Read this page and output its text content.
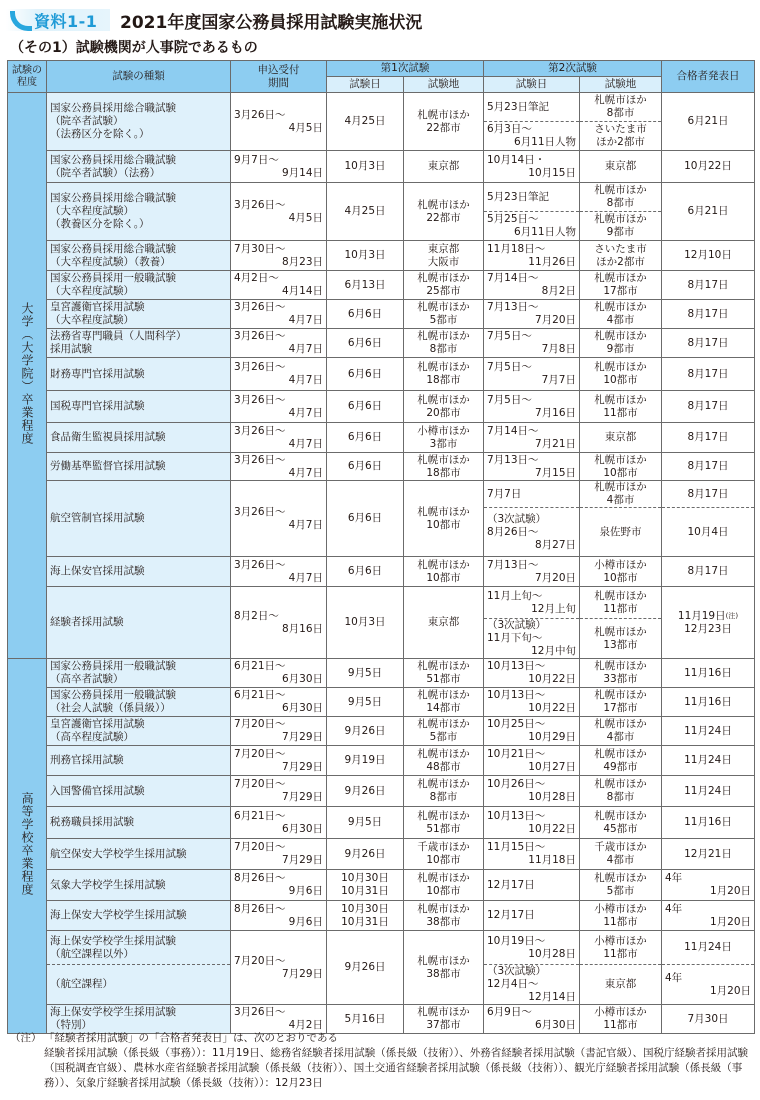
資料1-1 2021年度国家公務員採用試験実施状況
（その1）試験機関が人事院であるもの
試験の
程度	試験の種類	申込受付
期間	第1次試験		第2次試験		合格者発表日
			試験日	試験地	試験日	試験地	
大学（大学院）卒業程度	国家公務員採用総合職試験
（院卒者試験）
（法務区分を除く。）	3月26日～
4月5日	4月25日	札幌市ほか
22都市	5月23日筆記	札幌市ほか
8都市	6月21日

					6月3日～
6月11日人物	さいたま市
ほか2都市	

	国家公務員採用総合職試験
（院卒者試験）（法務）	9月7日～
9月14日	10月3日	東京都	10月14日・
10月15日	東京都	10月22日

	国家公務員採用総合職試験
（大卒程度試験）
（教養区分を除く。）	3月26日～
4月5日	4月25日	札幌市ほか
22都市	5月23日筆記	札幌市ほか
8都市	6月21日

					5月25日～
6月11日人物	札幌市ほか
9都市	

	国家公務員採用総合職試験
（大卒程度試験）（教養）	7月30日～
8月23日	10月3日	東京都
大阪市	11月18日～
11月26日	さいたま市
ほか2都市	12月10日

	国家公務員採用一般職試験
（大卒程度試験）	4月2日～
4月14日	6月13日	札幌市ほか
25都市	7月14日～
8月2日	札幌市ほか
17都市	8月17日

	皇宮護衛官採用試験
（大卒程度試験）	3月26日～
4月7日	6月6日	札幌市ほか
5都市	7月13日～
7月20日	札幌市ほか
4都市	8月17日

	法務省専門職員（人間科学）
採用試験	3月26日～
4月7日	6月6日	札幌市ほか
8都市	7月5日～
7月8日	札幌市ほか
9都市	8月17日

	財務専門官採用試験	3月26日～
4月7日	6月6日	札幌市ほか
18都市	7月5日～
7月7日	札幌市ほか
10都市	8月17日

	国税専門官採用試験	3月26日～
4月7日	6月6日	札幌市ほか
20都市	7月5日～
7月16日	札幌市ほか
11都市	8月17日

	食品衛生監視員採用試験	3月26日～
4月7日	6月6日	小樽市ほか
3都市	7月14日～
7月21日	東京都	8月17日

	労働基準監督官採用試験	3月26日～
4月7日	6月6日	札幌市ほか
18都市	7月13日～
7月15日	札幌市ほか
10都市	8月17日

	航空管制官採用試験	3月26日～
4月7日	6月6日	札幌市ほか
10都市	7月7日	札幌市ほか
4都市	8月17日

					（3次試験）
8月26日～
8月27日	泉佐野市	10月4日

	海上保安官採用試験	3月26日～
4月7日	6月6日	札幌市ほか
10都市	7月13日～
7月20日	小樽市ほか
10都市	8月17日

	経験者採用試験	8月2日～
8月16日	10月3日	東京都	11月上旬～
12月上旬	札幌市ほか
11都市	11月19日$^{(注)}$
12月23日

					（3次試験）
11月下旬～
12月中旬	札幌市ほか
13都市	

高等学校卒業程度	国家公務員採用一般職試験
（高卒者試験）	6月21日～
6月30日	9月5日	札幌市ほか
51都市	10月13日～
10月22日	札幌市ほか
33都市	11月16日

	国家公務員採用一般職試験
（社会人試験（係員級））	6月21日～
6月30日	9月5日	札幌市ほか
14都市	10月13日～
10月22日	札幌市ほか
17都市	11月16日

	皇宮護衛官採用試験
（高卒程度試験）	7月20日～
7月29日	9月26日	札幌市ほか
5都市	10月25日～
10月29日	札幌市ほか
4都市	11月24日

	刑務官採用試験	7月20日～
7月29日	9月19日	札幌市ほか
48都市	10月21日～
10月27日	札幌市ほか
49都市	11月24日

	入国警備官採用試験	7月20日～
7月29日	9月26日	札幌市ほか
8都市	10月26日～
10月28日	札幌市ほか
8都市	11月24日

	税務職員採用試験	6月21日～
6月30日	9月5日	札幌市ほか
51都市	10月13日～
10月22日	札幌市ほか
45都市	11月16日

	航空保安大学校学生採用試験	7月20日～
7月29日	9月26日	千歳市ほか
10都市	11月15日～
11月18日	千歳市ほか
4都市	12月21日

	気象大学校学生採用試験	8月26日～
9月6日	10月30日
10月31日	札幌市ほか
10都市	12月17日	札幌市ほか
5都市	4年
1月20日

	海上保安大学校学生採用試験	8月26日～
9月6日	10月30日
10月31日	札幌市ほか
38都市	12月17日	小樽市ほか
11都市	4年
1月20日

	海上保安学校学生採用試験
（航空課程以外）	7月20日～
7月29日	9月26日	札幌市ほか
38都市	10月19日～
10月28日	小樽市ほか
11都市	11月24日

	（航空課程）				（3次試験）
12月4日～
12月14日	東京都	4年
1月20日

	海上保安学校学生採用試験
（特別）	3月26日～
4月2日	5月16日	札幌市ほか
37都市	6月9日～
6月30日	小樽市ほか
11都市	7月30日
（注） 「経験者採用試験」の「合格者発表日」は、次のとおりである
経験者採用試験（係長級（事務））：11月19日、総務省経験者採用試験（係長級（技術））、外務省経験者採用試験（書記官級）、国税庁経験者採用試験（国税調査官級）、農林水産省経験者採用試験（係長級（技術））、国土交通省経験者採用試験（係長級（技術））、観光庁経験者採用試験（係長級（事務））、気象庁経験者採用試験（係長級（技術））：12月23日
